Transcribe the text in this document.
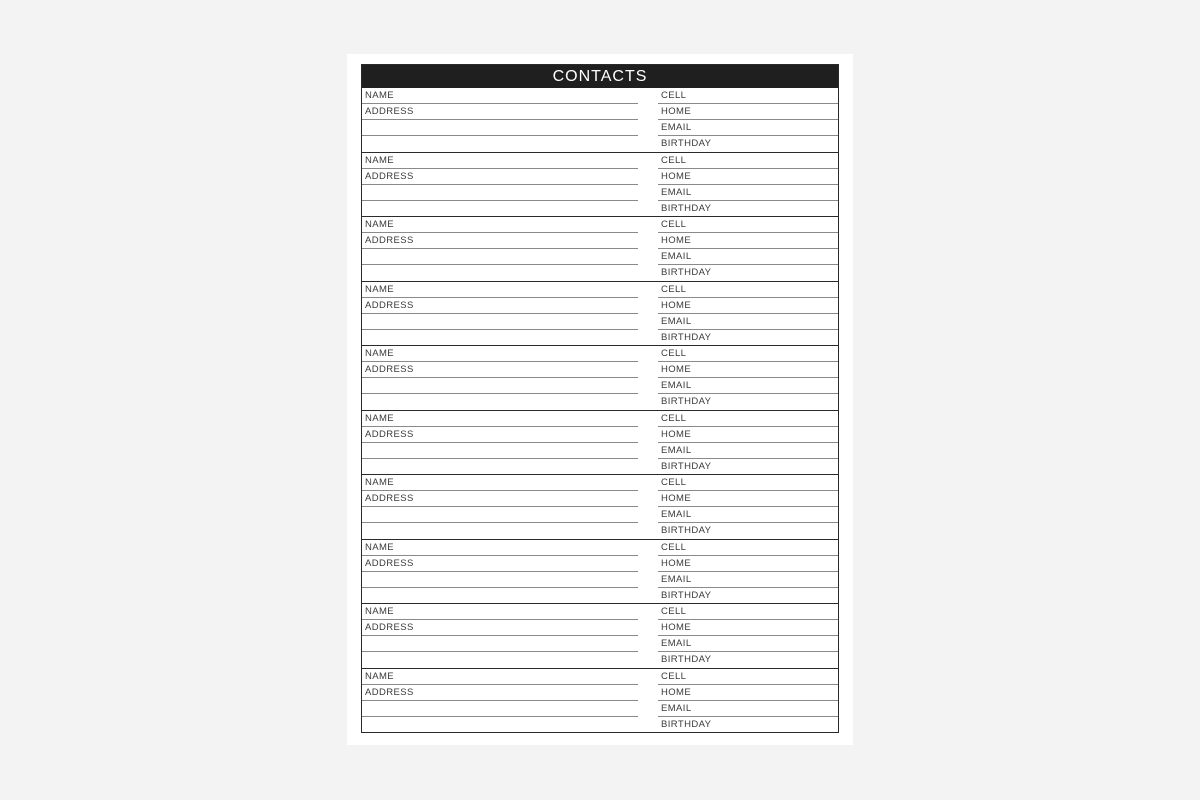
CONTACTS
NAME
ADDRESS
CELL
HOME
EMAIL
BIRTHDAY
NAME
ADDRESS
CELL
HOME
EMAIL
BIRTHDAY
NAME
ADDRESS
CELL
HOME
EMAIL
BIRTHDAY
NAME
ADDRESS
CELL
HOME
EMAIL
BIRTHDAY
NAME
ADDRESS
CELL
HOME
EMAIL
BIRTHDAY
NAME
ADDRESS
CELL
HOME
EMAIL
BIRTHDAY
NAME
ADDRESS
CELL
HOME
EMAIL
BIRTHDAY
NAME
ADDRESS
CELL
HOME
EMAIL
BIRTHDAY
NAME
ADDRESS
CELL
HOME
EMAIL
BIRTHDAY
NAME
ADDRESS
CELL
HOME
EMAIL
BIRTHDAY
